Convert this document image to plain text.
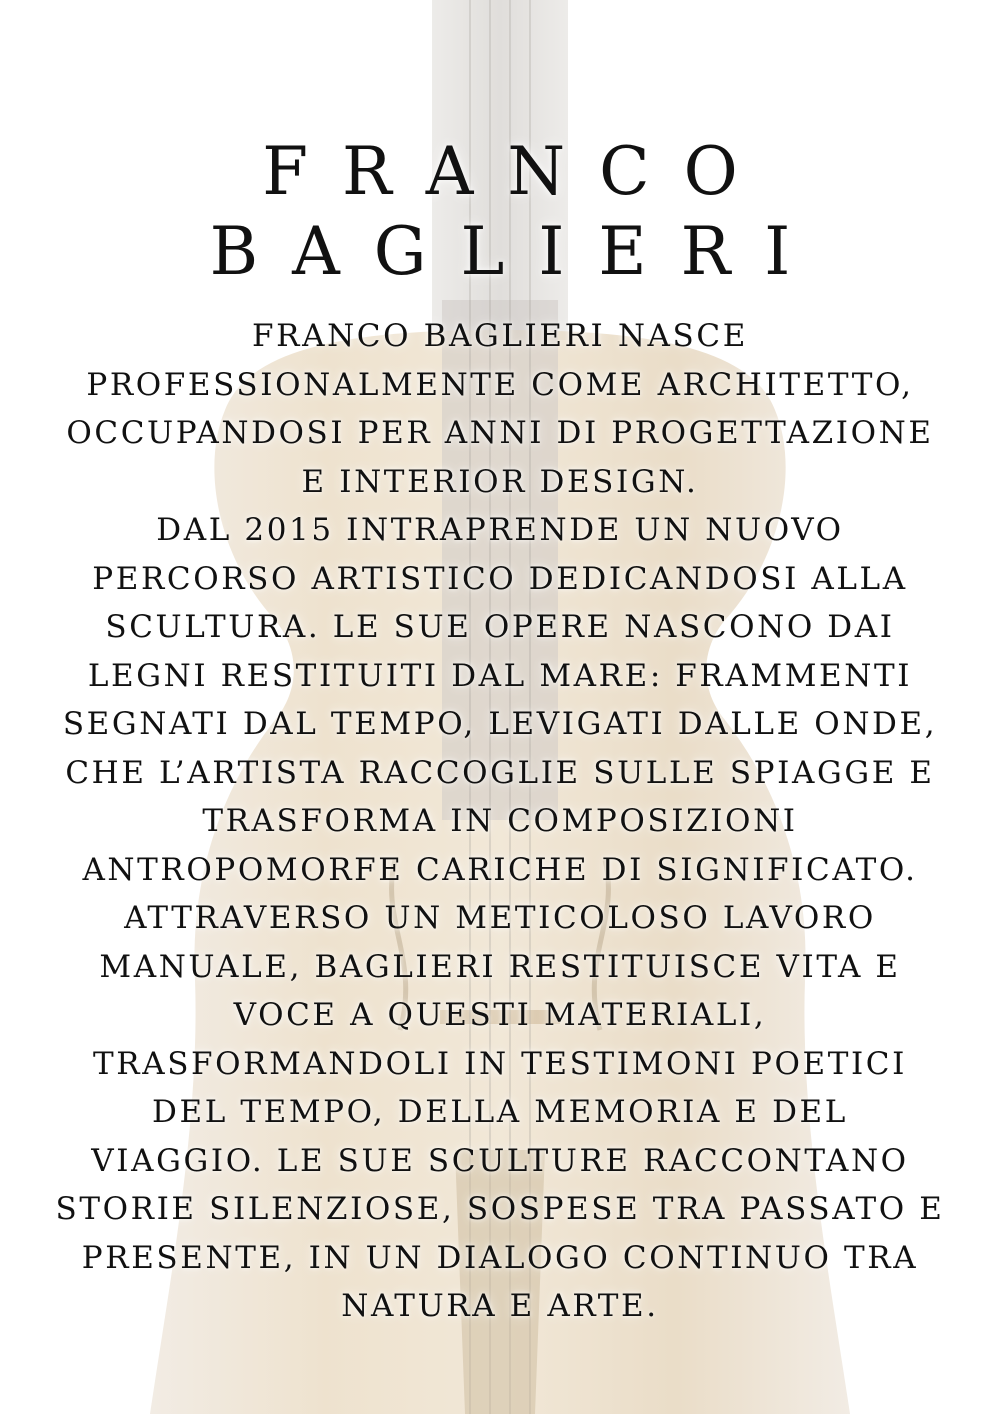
FRANCO
BAGLIERI
FRANCO BAGLIERI NASCE
PROFESSIONALMENTE COME ARCHITETTO,
OCCUPANDOSI PER ANNI DI PROGETTAZIONE
E INTERIOR DESIGN.
DAL 2015 INTRAPRENDE UN NUOVO
PERCORSO ARTISTICO DEDICANDOSI ALLA
SCULTURA. LE SUE OPERE NASCONO DAI
LEGNI RESTITUITI DAL MARE: FRAMMENTI
SEGNATI DAL TEMPO, LEVIGATI DALLE ONDE,
CHE L’ARTISTA RACCOGLIE SULLE SPIAGGE E
TRASFORMA IN COMPOSIZIONI
ANTROPOMORFE CARICHE DI SIGNIFICATO.
ATTRAVERSO UN METICOLOSO LAVORO
MANUALE, BAGLIERI RESTITUISCE VITA E
VOCE A QUESTI MATERIALI,
TRASFORMANDOLI IN TESTIMONI POETICI
DEL TEMPO, DELLA MEMORIA E DEL
VIAGGIO. LE SUE SCULTURE RACCONTANO
STORIE SILENZIOSE, SOSPESE TRA PASSATO E
PRESENTE, IN UN DIALOGO CONTINUO TRA
NATURA E ARTE.
